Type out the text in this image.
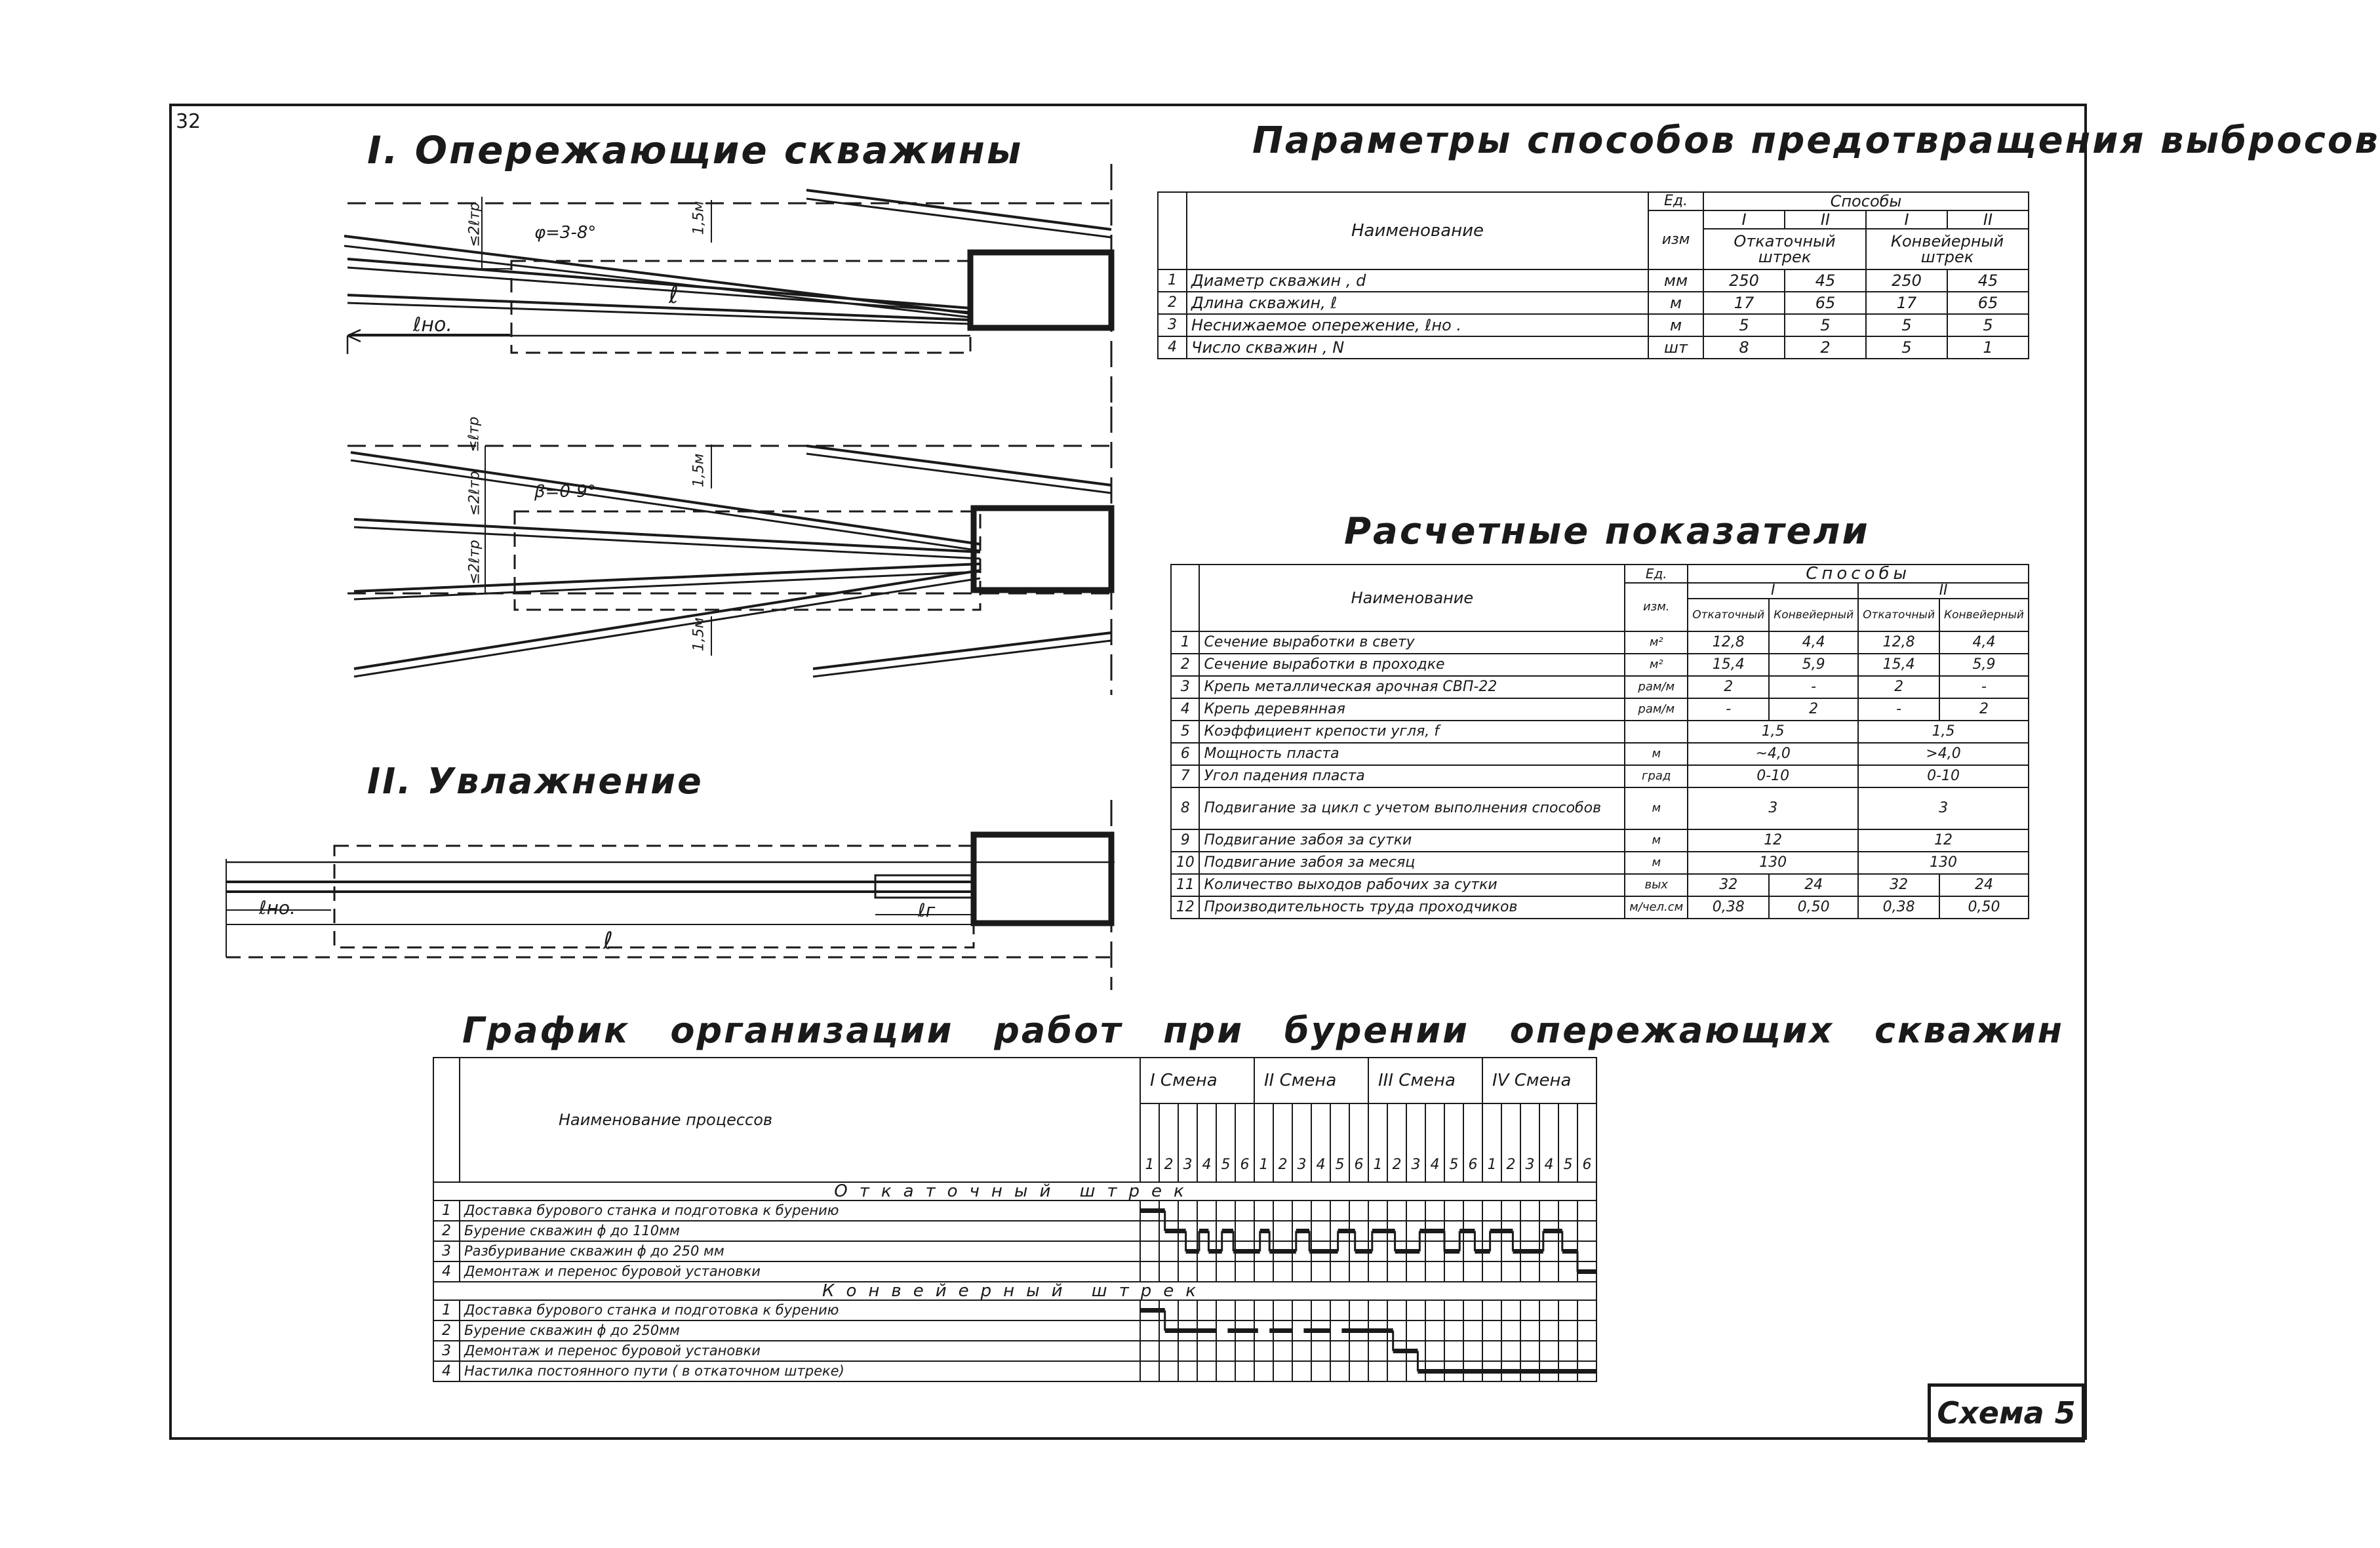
32
I. Опережающие скважины
ℓно.
ℓ
φ=3-8°	1,5м
≤2ℓтр
β=0-9°
1,5м
1,5м
≤ℓтр
≤2ℓтр
≤2ℓтр
II. Увлажнение
ℓно.
ℓ
ℓг
Параметры способов предотвращения выбросов
	Наименование	Ед.	Способы			
		изм	I	II	I	II
			Откаточный штрек		Конвейерный штрек	
1	Диаметр скважин , d	мм	250	45	250	45
2	Длина скважин, ℓ	м	17	65	17	65
3	Неснижаемое опережение, ℓно .	м	5	5	5	5
4	Число скважин , N	шт	8	2	5	1
Расчетные показатели
	Наименование	Ед.	Способы			
		изм.	I		II	
			Откаточный	Конвейерный	Откаточный	Конвейерный
1	Сечение выработки в свету	м²	12,8	4,4	12,8	4,4
2	Сечение выработки в проходке	м²	15,4	5,9	15,4	5,9
3	Крепь металлическая арочная СВП-22	рам/м	2	-	2	-
4	Крепь деревянная	рам/м	-	2	-	2
5	Коэффициент крепости угля, f		1,5		1,5	
6	Мощность пласта	м	~4,0		>4,0	
7	Угол падения пласта	град	0-10		0-10	
8	Подвигание за цикл с учетом выполнения способов	м	3		3	
9	Подвигание забоя за сутки	м	12		12	
10	Подвигание забоя за месяц	м	130		130	
11	Количество выходов рабочих за сутки	вых	32	24	32	24
12	Производительность труда проходчиков	м/чел.см	0,38	0,50	0,38	0,50
График организации работ при бурении опережающих скважин
	Наименование процессов	I Смена						II Смена						III Смена						IV Смена					
		1	2	3	4	5	6	1	2	3	4	5	6	1	2	3	4	5	6	1	2	3	4	5	6
Откаточный штрек																									
1	Доставка бурового станка и подготовка к бурению																								
2	Бурение скважин ϕ до 110мм																								
3	Разбуривание скважин ϕ до 250 мм																								
4	Демонтаж и перенос буровой установки																								
Конвейерный штрек																									
1	Доставка бурового станка и подготовка к бурению																								
2	Бурение скважин ϕ до 250мм																								
3	Демонтаж и перенос буровой установки																								
4	Настилка постоянного пути ( в откаточном штреке)																								
Схема 5
